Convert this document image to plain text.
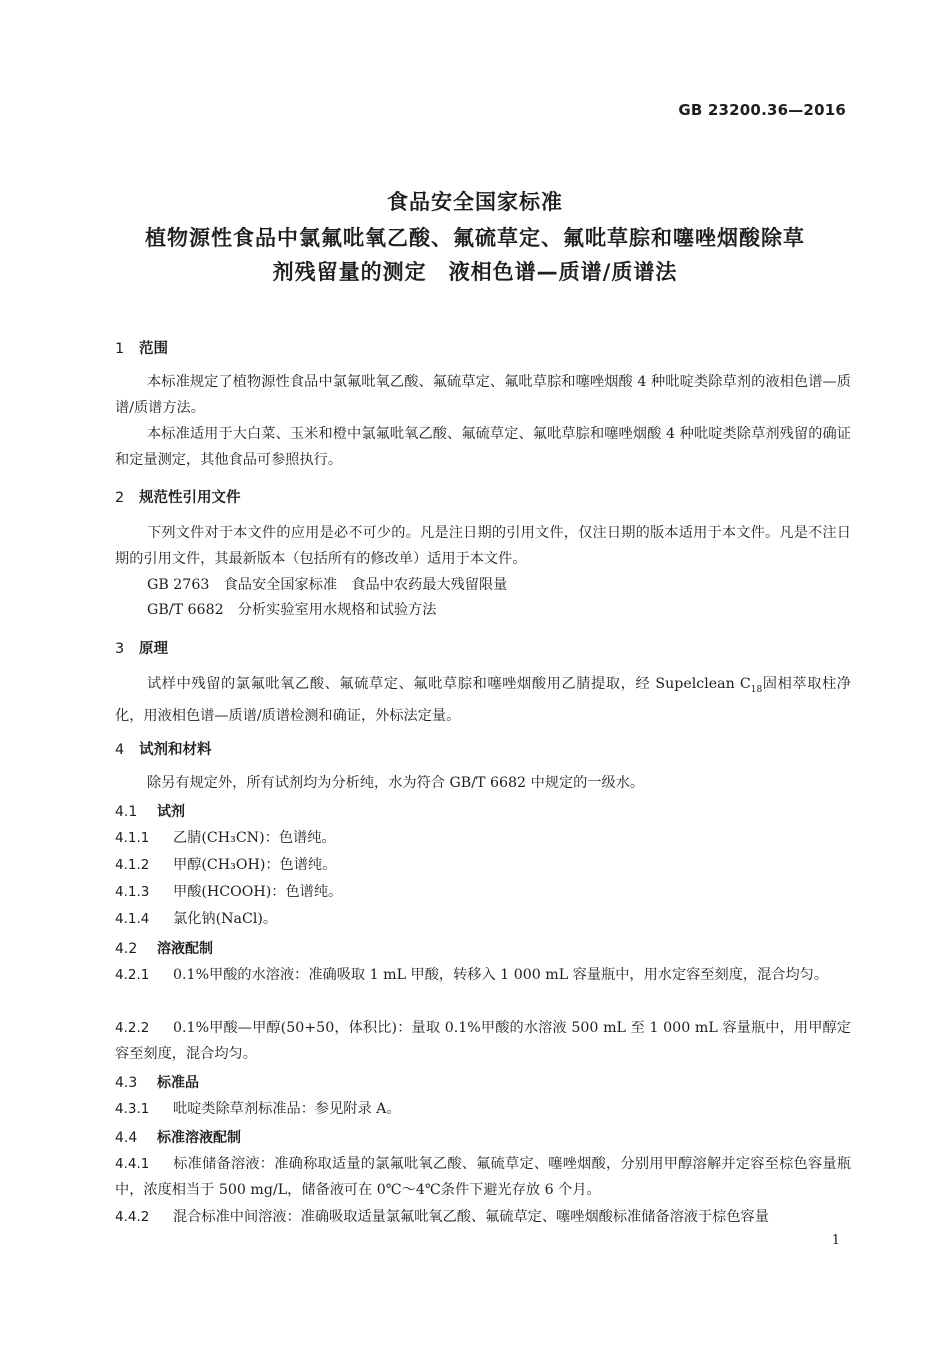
GB 23200.36—2016
食品安全国家标准
植物源性食品中氯氟吡氧乙酸、氟硫草定、氟吡草腙和噻唑烟酸除草
剂残留量的测定　液相色谱—质谱/质谱法
1 范围
本标准规定了植物源性食品中氯氟吡氧乙酸、氟硫草定、氟吡草腙和噻唑烟酸 4 种吡啶类除草剂的液相色谱—质谱/质谱方法。
本标准适用于大白菜、玉米和橙中氯氟吡氧乙酸、氟硫草定、氟吡草腙和噻唑烟酸 4 种吡啶类除草剂残留的确证和定量测定，其他食品可参照执行。
2 规范性引用文件
下列文件对于本文件的应用是必不可少的。凡是注日期的引用文件，仅注日期的版本适用于本文件。凡是不注日期的引用文件，其最新版本（包括所有的修改单）适用于本文件。
GB 2763　食品安全国家标准　食品中农药最大残留限量
GB/T 6682　分析实验室用水规格和试验方法
3 原理
试样中残留的氯氟吡氧乙酸、氟硫草定、氟吡草腙和噻唑烟酸用乙腈提取，经 Supelclean $C_{18}$固相萃取柱净化，用液相色谱—质谱/质谱检测和确证，外标法定量。
4 试剂和材料
除另有规定外，所有试剂均为分析纯，水为符合 GB/T 6682 中规定的一级水。
4.1 试剂
4.1.1 乙腈(CH₃CN)：色谱纯。
4.1.2 甲醇(CH₃OH)：色谱纯。
4.1.3 甲酸(HCOOH)：色谱纯。
4.1.4 氯化钠(NaCl)。
4.2 溶液配制
4.2.1 0.1%甲酸的水溶液：准确吸取 1 mL 甲酸，转移入 1 000 mL 容量瓶中，用水定容至刻度，混合均匀。
4.2.2 0.1%甲酸—甲醇(50+50，体积比)：量取 0.1%甲酸的水溶液 500 mL 至 1 000 mL 容量瓶中，用甲醇定容至刻度，混合均匀。
4.3 标准品
4.3.1 吡啶类除草剂标准品：参见附录 A。
4.4 标准溶液配制
4.4.1 标准储备溶液：准确称取适量的氯氟吡氧乙酸、氟硫草定、噻唑烟酸，分别用甲醇溶解并定容至棕色容量瓶中，浓度相当于 500 mg/L，储备液可在 0℃～4℃条件下避光存放 6 个月。
4.4.2 混合标准中间溶液：准确吸取适量氯氟吡氧乙酸、氟硫草定、噻唑烟酸标准储备溶液于棕色容量
1
